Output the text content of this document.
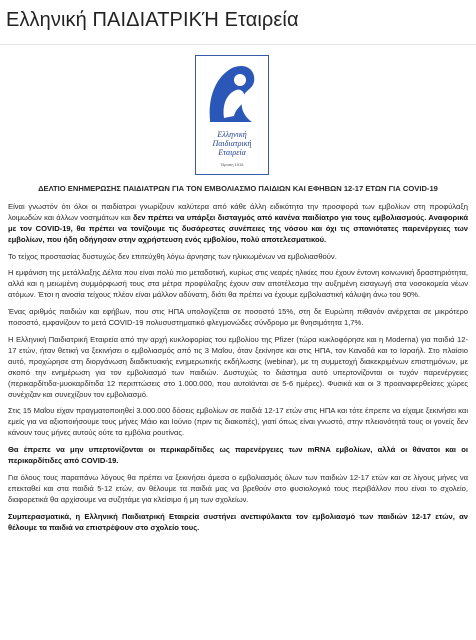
Ελληνική ΠΑΙΔΙΑΤΡΙΚΉ Εταιρεία
Ελληνική
Παιδιατρική
Εταιρεία
Ίδρυση 1916

ΔΕΛΤΙΟ ΕΝΗΜΕΡΩΣΗΣ ΠΑΙΔΙΑΤΡΩΝ ΓΙΑ ΤΟΝ ΕΜΒΟΛΙΑΣΜΟ ΠΑΙΔΙΩΝ ΚΑΙ ΕΦΗΒΩΝ 12-17 ΕΤΩΝ ΓΙΑ COVID-19

Είναι γνωστόν ότι όλοι οι παιδίατροι γνωρίζουν καλύτερα από κάθε άλλη ειδικότητα την προσφορά των εμβολίων στη προφύλαξη λοιμωδών και άλλων νοσημάτων και δεν πρέπει να υπάρξει δισταγμός από κανένα παιδίατρο για τους εμβολιασμούς. Αναφορικά με τον COVID-19, θα πρέπει να τονίζουμε τις δυσάρεστες συνέπειες της νόσου και όχι τις σπανιότατες παρενέργειες των εμβολίων, που ήδη οδήγησαν στην αχρήστευση ενός εμβολίου, πολύ αποτελεσματικού.

Το τείχος προστασίας δυστυχώς δεν επιτεύχθη λόγω άρνησης των ηλικιωμένων να εμβολιασθούν.

Η εμφάνιση της μετάλλαξης Δέλτα που είναι πολύ πιο μεταδοτική, κυρίως στις νεαρές ηλικίες που έχουν έντονη κοινωνική δραστηριότητα, αλλά και η μειωμένη συμμόρφωσή τους στα μέτρα προφύλαξης έχουν σαν αποτέλεσμα την αυξημένη εισαγωγή στα νοσοκομεία νέων ατόμων. Έτσι η ανοσία τείχους πλέον είναι μάλλον αδύνατη, διότι θα πρέπει να έχουμε εμβολιαστική κάλυψη άνω του 90%.

Ένας αριθμός παιδιών και εφήβων, που στις ΗΠΑ υπολογίζεται σε ποσοστό 15%, στη δε Ευρώπη πιθανόν ανέρχεται σε μικρότερο ποσοστό, εμφανίζουν το μετά COVID-19 πολυσυστηματικό φλεγμονώδες σύνδρομο με θνησιμότητα 1,7%.

Η Ελληνική Παιδιατρική Εταιρεία από την αρχή κυκλοφορίας του εμβολίου της Pfizer (τώρα κυκλοφόρησε και η Moderna) για παιδιά 12-17 ετών, ήταν θετική να ξεκινήσει ο εμβολιασμός από τις 3 Μαΐου, όταν ξεκίνησε και στις ΗΠΑ, τον Καναδά και το Ισραήλ. Στο πλαίσιο αυτό, προχώρησε στη διοργάνωση διαδικτυακής ενημερωτικής εκδήλωσης (webinar), με τη συμμετοχή διακεκριμένων επιστημόνων, με σκοπό την ενημέρωση για τον εμβολιασμό των παιδιών. Δυστυχώς το διάστημα αυτό υπερτονίζονται οι τυχόν παρενέργειες (περικαρδίτιδα-μυοκαρδίτιδα 12 περιπτώσεις στο 1.000.000, που αυτοϊάνται σε 5-6 ημέρες). Φυσικά και οι 3 προαναφερθείσες χώρες συνέχιζαν και συνεχίζουν τον εμβολιασμό.

Στις 15 Μαΐου είχαν πραγματοποιηθεί 3.000.000 δόσεις εμβολίων σε παιδιά 12-17 ετών στις ΗΠΑ και τότε έπρεπε να είχαμε ξεκινήσει και εμείς για να αξιοποιήσουμε τους μήνες Μάιο και Ιούνιο (πριν τις διακοπές), γιατί όπως είναι γνωστό, στην πλειονότητά τους οι γονείς δεν κάνουν τους μήνες αυτούς ούτε τα εμβόλια ρουτίνας.

Θα έπρεπε να μην υπερτονίζονται οι περικαρδίτιδες ως παρενέργειες των mRNA εμβολίων, αλλά οι θάνατοι και οι περικαρδίτιδες από COVID-19.

Για όλους τους παραπάνω λόγους θα πρέπει να ξεκινήσει άμεσα ο εμβολιασμός όλων των παιδιών 12-17 ετών και σε λίγους μήνες να επεκταθεί και στα παιδιά 5-12 ετών, αν θέλουμε τα παιδιά μας να βρεθούν στο φυσιολογικό τους περιβάλλον που είναι το σχολείο, διαφορετικά θα αρχίσουμε να συζητάμε για κλείσιμο ή μη των σχολείων.

Συμπερασματικά, η Ελληνική Παιδιατρική Εταιρεία συστήνει ανεπιφύλακτα τον εμβολιασμό των παιδιών 12-17 ετών, αν θέλουμε τα παιδιά να επιστρέψουν στο σχολείο τους.
